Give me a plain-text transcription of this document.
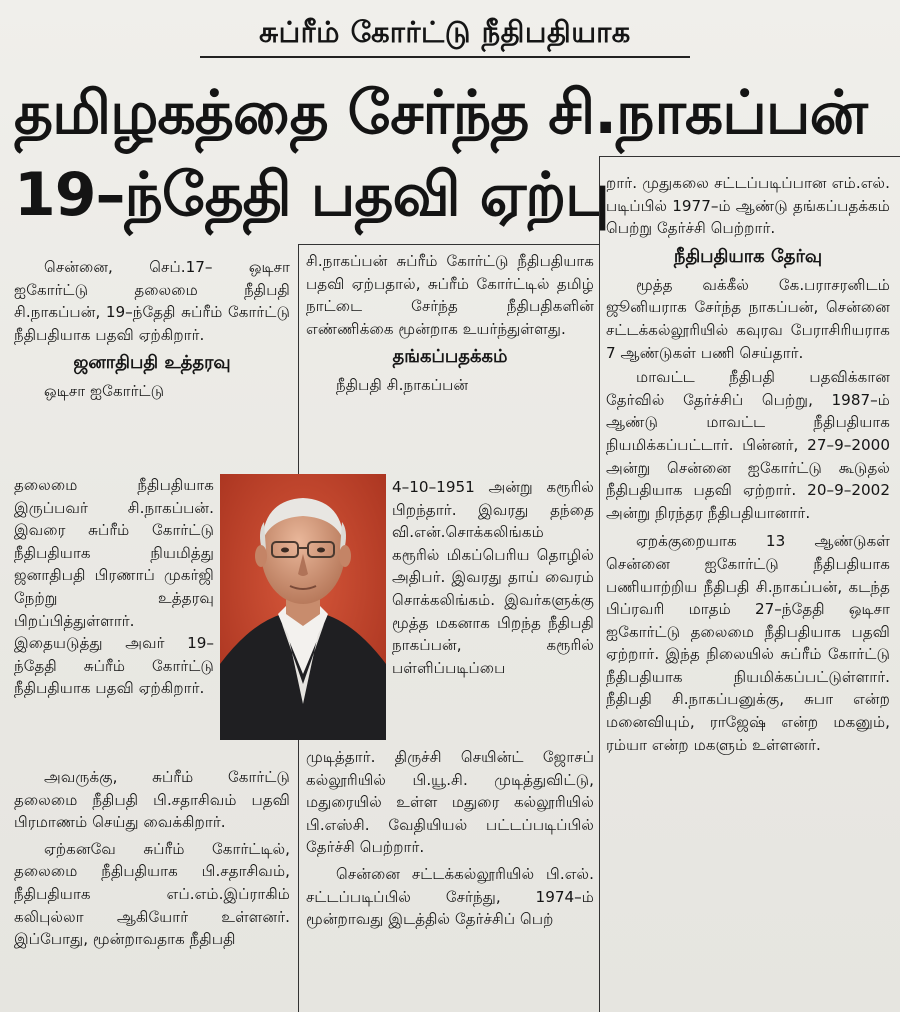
சுப்ரீம் கோர்ட்டு நீதிபதியாக
தமிழகத்தை சேர்ந்த சி.நாகப்பன்
19–ந்தேதி பதவி ஏற்பு

சென்னை, செப்.17– ஒடிசா ஐகோர்ட்டு தலைமை நீதிபதி சி.நாகப்பன், 19–ந்தேதி சுப்ரீம் கோர்ட்டு நீதிபதியாக பதவி ஏற்கிறார்.

ஜனாதிபதி உத்தரவு

ஒடிசா ஐகோர்ட்டு

தலைமை நீதிபதியாக இருப்பவர் சி.நாகப்பன். இவரை சுப்ரீம் கோர்ட்டு நீதிபதியாக நியமித்து ஜனாதிபதி பிரணாப் முகர்ஜி நேற்று உத்தரவு பிறப்பித்துள்ளார். இதையடுத்து அவர் 19–ந்தேதி சுப்ரீம் கோர்ட்டு நீதிபதியாக பதவி ஏற்கிறார்.

அவருக்கு, சுப்ரீம் கோர்ட்டு தலைமை நீதிபதி பி.சதாசிவம் பதவி பிரமாணம் செய்து வைக்கிறார்.

ஏற்கனவே சுப்ரீம் கோர்ட்டில், தலைமை நீதிபதியாக பி.சதாசிவம், நீதிபதியாக எப்.எம்.இப்ராகிம் கலிபுல்லா ஆகியோர் உள்ளனர். இப்போது, மூன்றாவதாக நீதிபதி

சி.நாகப்பன் சுப்ரீம் கோர்ட்டு நீதிபதியாக பதவி ஏற்பதால், சுப்ரீம் கோர்ட்டில் தமிழ் நாட்டை சேர்ந்த நீதிபதிகளின் எண்ணிக்கை மூன்றாக உயர்ந்துள்ளது.

தங்கப்பதக்கம்

நீதிபதி சி.நாகப்பன்

4–10–1951 அன்று கரூரில் பிறந்தார். இவரது தந்தை வி.என்.சொக்கலிங்கம் கரூரில் மிகப்பெரிய தொழில் அதிபர். இவரது தாய் வைரம் சொக்கலிங்கம். இவர்களுக்கு மூத்த மகனாக பிறந்த நீதிபதி நாகப்பன், கரூரில் பள்ளிப்படிப்பை

முடித்தார். திருச்சி செயின்ட் ஜோசப் கல்லூரியில் பி.யூ.சி. முடித்துவிட்டு, மதுரையில் உள்ள மதுரை கல்லூரியில் பி.எஸ்சி. வேதியியல் பட்டப்படிப்பில் தேர்ச்சி பெற்றார்.

சென்னை சட்டக்கல்லூரியில் பி.எல். சட்டப்படிப்பில் சேர்ந்து, 1974–ம் மூன்றாவது இடத்தில் தேர்ச்சிப் பெற்

றார். முதுகலை சட்டப்படிப்பான எம்.எல். படிப்பில் 1977–ம் ஆண்டு தங்கப்பதக்கம் பெற்று தேர்ச்சி பெற்றார்.

நீதிபதியாக தேர்வு

மூத்த வக்கீல் கே.பராசரனிடம் ஜூனியராக சேர்ந்த நாகப்பன், சென்னை சட்டக்கல்லூரியில் கவுரவ பேராசிரியராக 7 ஆண்டுகள் பணி செய்தார்.

மாவட்ட நீதிபதி பதவிக்கான தேர்வில் தேர்ச்சிப் பெற்று, 1987–ம் ஆண்டு மாவட்ட நீதிபதியாக நியமிக்கப்பட்டார். பின்னர், 27–9–2000 அன்று சென்னை ஐகோர்ட்டு கூடுதல் நீதிபதியாக பதவி ஏற்றார். 20–9–2002 அன்று நிரந்தர நீதிபதியானார்.

ஏறக்குறையாக 13 ஆண்டுகள் சென்னை ஐகோர்ட்டு நீதிபதியாக பணியாற்றிய நீதிபதி சி.நாகப்பன், கடந்த பிப்ரவரி மாதம் 27–ந்தேதி ஒடிசா ஐகோர்ட்டு தலைமை நீதிபதியாக பதவி ஏற்றார். இந்த நிலையில் சுப்ரீம் கோர்ட்டு நீதிபதியாக நியமிக்கப்பட்டுள்ளார். நீதிபதி சி.நாகப்பனுக்கு, சுபா என்ற மனைவியும், ராஜேஷ் என்ற மகனும், ரம்யா என்ற மகளும் உள்ளனர்.
